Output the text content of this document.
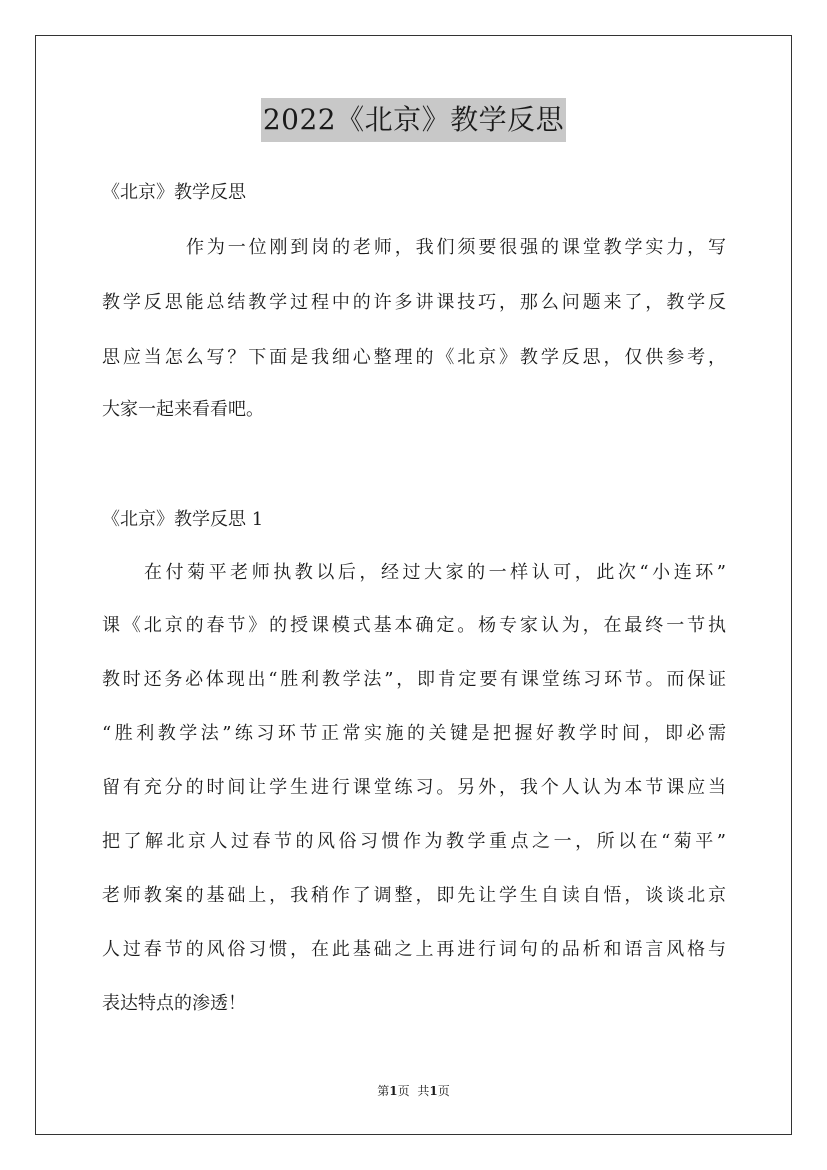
2022《北京》教学反思
《北京》教学反思
作为一位刚到岗的老师，我们须要很强的课堂教学实力，写
教学反思能总结教学过程中的许多讲课技巧，那么问题来了，教学反
思应当怎么写？下面是我细心整理的《北京》教学反思，仅供参考，
大家一起来看看吧。
《北京》教学反思 1
在付菊平老师执教以后，经过大家的一样认可，此次“小连环”
课《北京的春节》的授课模式基本确定。杨专家认为，在最终一节执
教时还务必体现出“胜利教学法”，即肯定要有课堂练习环节。而保证
“胜利教学法”练习环节正常实施的关键是把握好教学时间，即必需
留有充分的时间让学生进行课堂练习。另外，我个人认为本节课应当
把了解北京人过春节的风俗习惯作为教学重点之一，所以在“菊平”
老师教案的基础上，我稍作了调整，即先让学生自读自悟，谈谈北京
人过春节的风俗习惯，在此基础之上再进行词句的品析和语言风格与
表达特点的渗透！
第1页 共1页
